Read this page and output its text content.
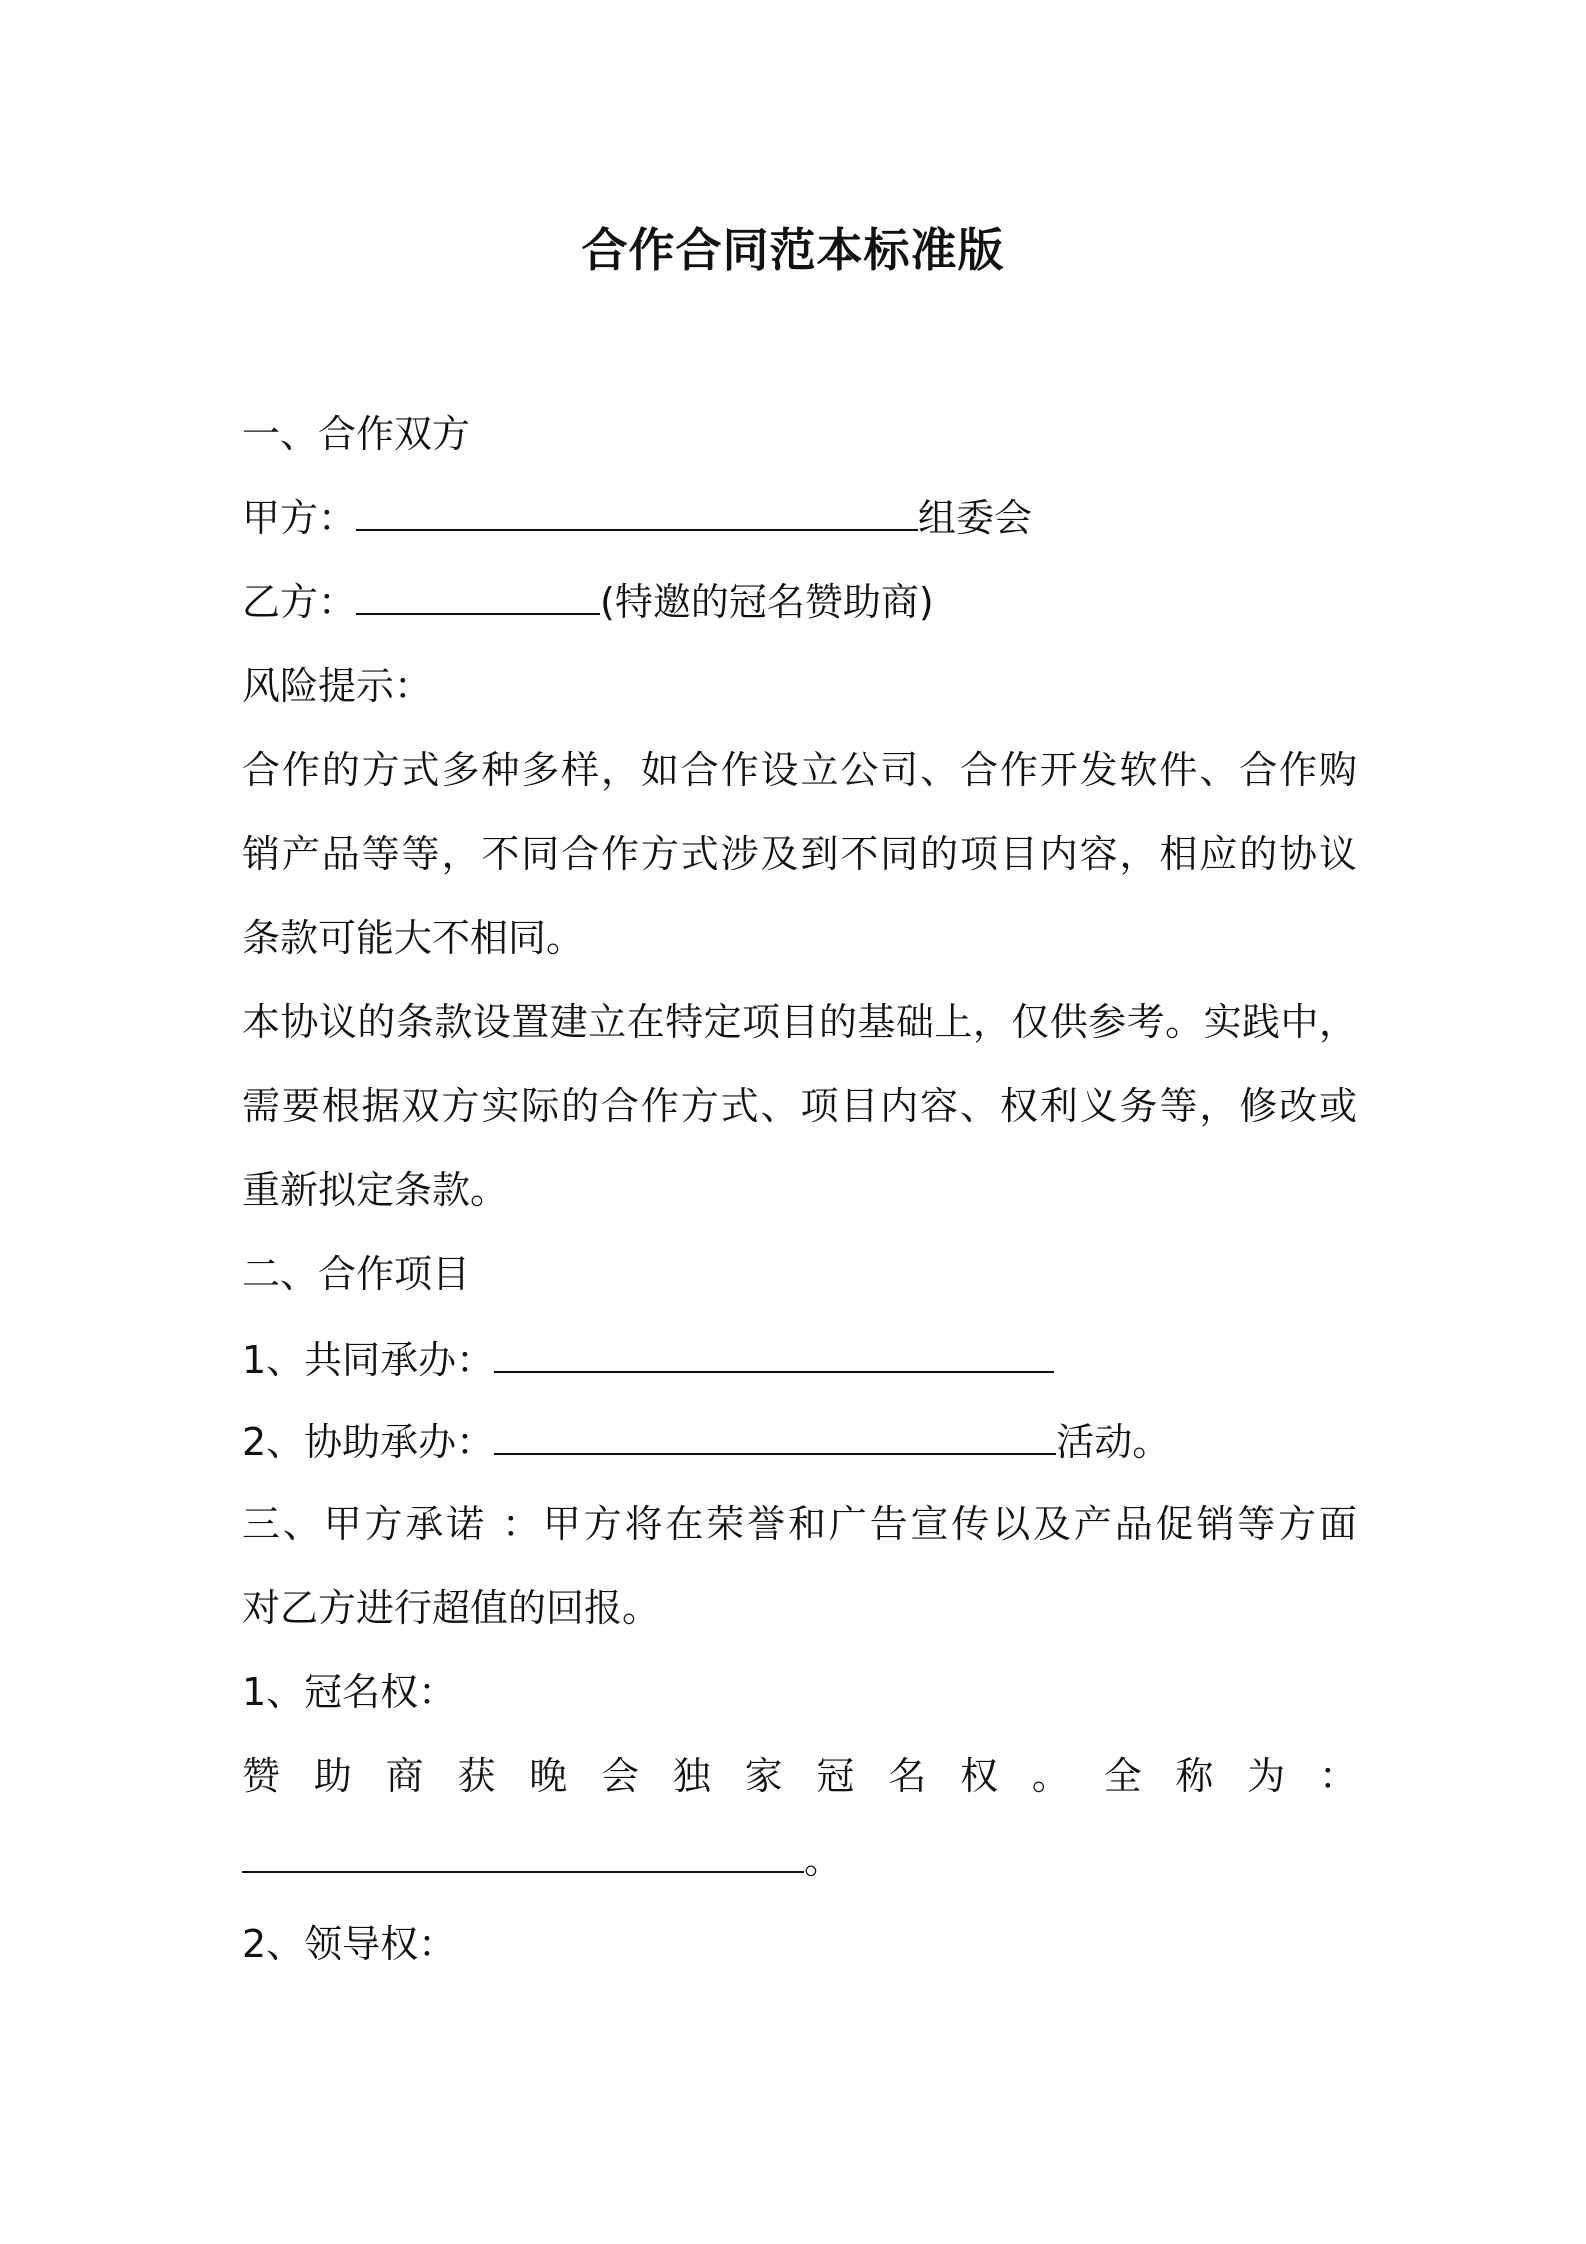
合作合同范本标准版

一、合作双方

甲方：	组委会

乙方：	(特邀的冠名赞助商)

风险提示：

合作的方式多种多样，如合作设立公司、合作开发软件、合作购

销产品等等，不同合作方式涉及到不同的项目内容，相应的协议

条款可能大不相同。

本协议的条款设置建立在特定项目的基础上，仅供参考。实践中，

需要根据双方实际的合作方式、项目内容、权利义务等，修改或

重新拟定条款。

二、合作项目

1、共同承办：

2、协助承办：	活动。

三、甲方承诺 ：甲方将在荣誉和广告宣传以及产品促销等方面

对乙方进行超值的回报。

1、冠名权：

赞助商获晚会独家冠名权。全称为：

。

2、领导权：
